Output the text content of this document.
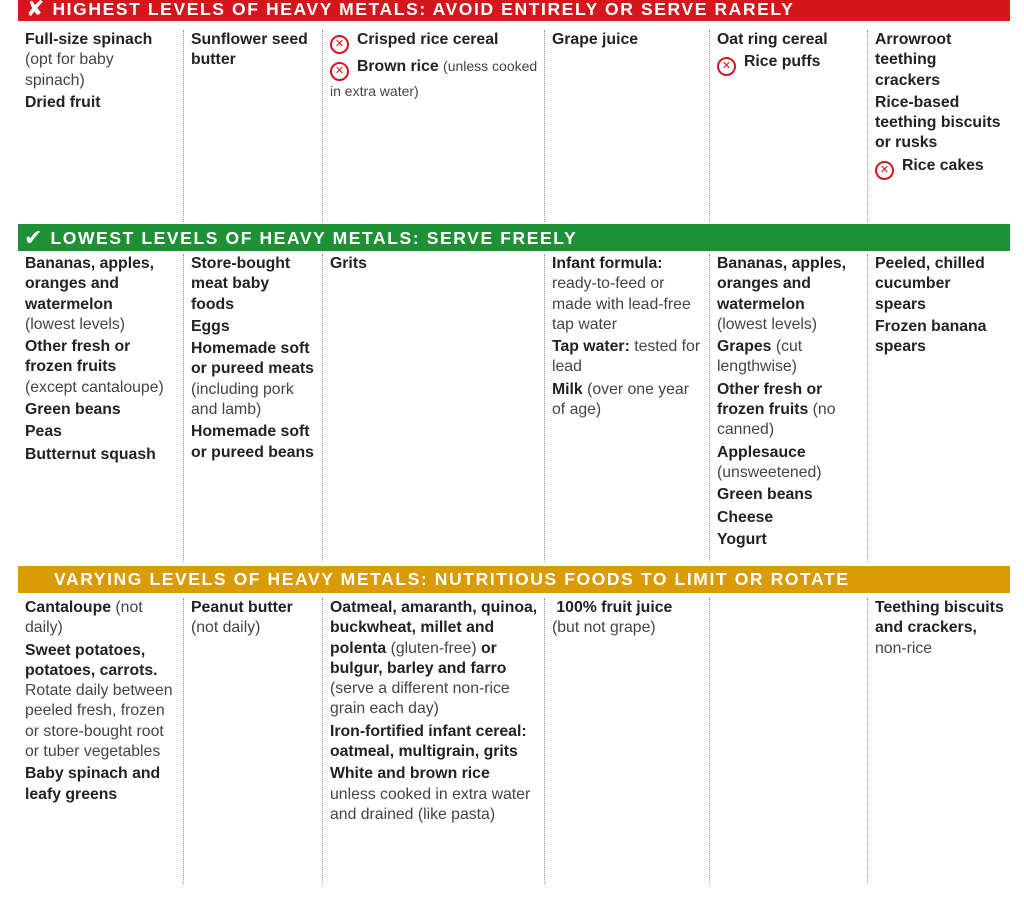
✘ HIGHEST LEVELS OF HEAVY METALS: AVOID ENTIRELY OR SERVE RARELY
Full-size spinach
(opt for baby spinach)
Dried fruit
Sunflower seed butter
✕ Crisped rice cereal
✕ Brown rice (unless cooked in extra water)
Grape juice	Oat ring cereal
✕ Rice puffs
Arrowroot teething crackers
Rice-based teething biscuits or rusks
✕ Rice cakes
✔ LOWEST LEVELS OF HEAVY METALS: SERVE FREELY
Bananas, apples, oranges and watermelon
(lowest levels)
Other fresh or frozen fruits
(except cantaloupe)
Green beans
Peas
Butternut squash
Store-bought meat baby foods
Eggs
Homemade soft or pureed meats
(including pork and lamb)
Homemade soft or pureed beans
Grits	Infant formula:
ready-to-feed or made with lead-free tap water
Tap water: tested for lead
Milk (over one year of age)
Bananas, apples, oranges and watermelon
(lowest levels)
Grapes (cut lengthwise)
Other fresh or frozen fruits (no canned)
Applesauce
(unsweetened)
Green beans
Cheese
Yogurt
Peeled, chilled cucumber spears
Frozen banana spears
VARYING LEVELS OF HEAVY METALS: NUTRITIOUS FOODS TO LIMIT OR ROTATE
Cantaloupe (not daily)
Sweet potatoes, potatoes, carrots. Rotate daily between peeled fresh, frozen or store-bought root or tuber vegetables
Baby spinach and leafy greens
Peanut butter
(not daily)
Oatmeal, amaranth, quinoa, buckwheat, millet and polenta (gluten-free) or bulgur, barley and farro (serve a different non-rice grain each day)
Iron-fortified infant cereal: oatmeal, multigrain, grits
White and brown rice
unless cooked in extra water and drained (like pasta)
100% fruit juice
(but not grape)
Teething biscuits and crackers,
non-rice
